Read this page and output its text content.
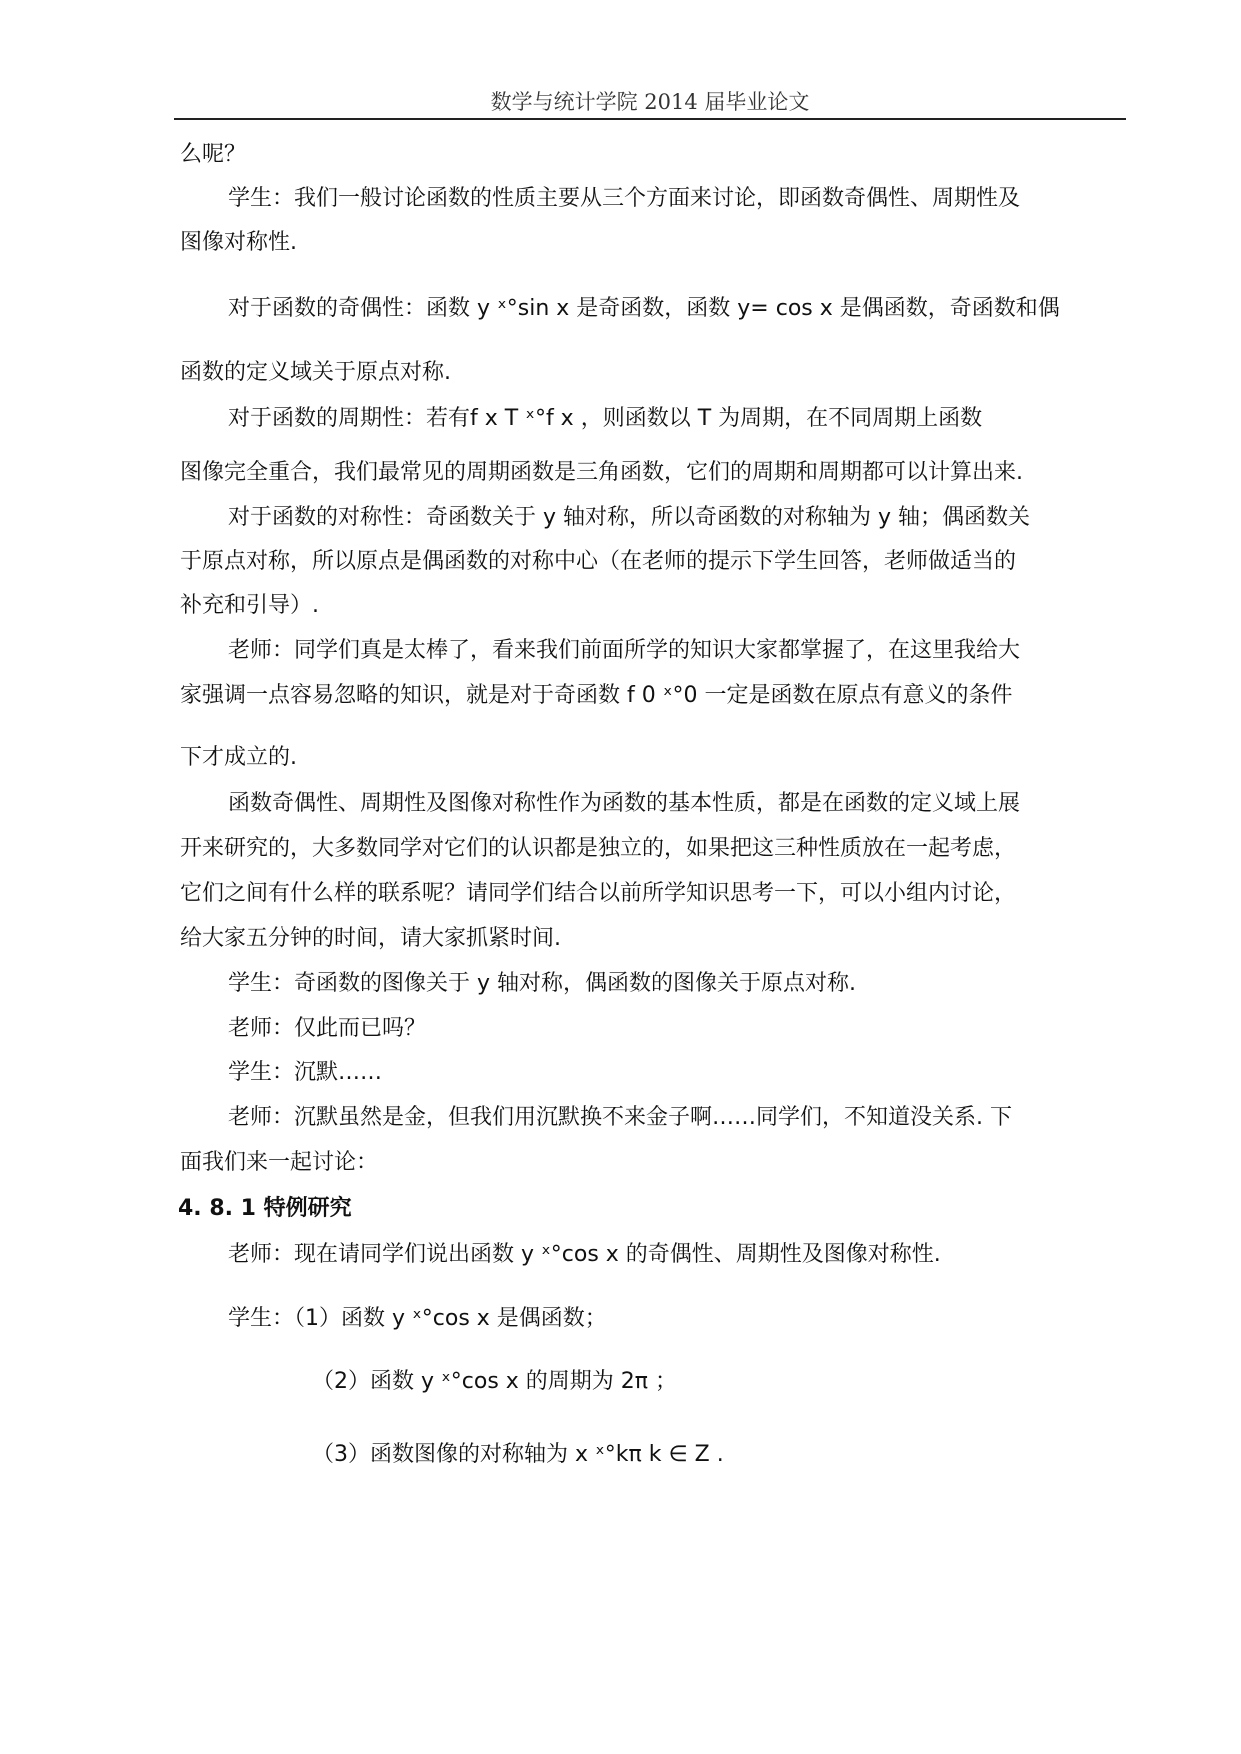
数学与统计学院 2014 届毕业论文
么呢？
学生：我们一般讨论函数的性质主要从三个方面来讨论，即函数奇偶性、周期性及
图像对称性.
对于函数的奇偶性：函数 y ˣ°sin x 是奇函数，函数 y= cos x 是偶函数，奇函数和偶
函数的定义域关于原点对称.
对于函数的周期性：若有f x T ˣ°f x ，则函数以 T 为周期，在不同周期上函数
图像完全重合，我们最常见的周期函数是三角函数，它们的周期和周期都可以计算出来.
对于函数的对称性：奇函数关于 y 轴对称，所以奇函数的对称轴为 y 轴；偶函数关
于原点对称，所以原点是偶函数的对称中心（在老师的提示下学生回答，老师做适当的
补充和引导）.
老师：同学们真是太棒了，看来我们前面所学的知识大家都掌握了，在这里我给大
家强调一点容易忽略的知识，就是对于奇函数 f 0 ˣ°0 一定是函数在原点有意义的条件
下才成立的.
函数奇偶性、周期性及图像对称性作为函数的基本性质，都是在函数的定义域上展
开来研究的，大多数同学对它们的认识都是独立的，如果把这三种性质放在一起考虑，
它们之间有什么样的联系呢？请同学们结合以前所学知识思考一下，可以小组内讨论，
给大家五分钟的时间，请大家抓紧时间.
学生：奇函数的图像关于 y 轴对称，偶函数的图像关于原点对称.
老师：仅此而已吗？
学生：沉默……
老师：沉默虽然是金，但我们用沉默换不来金子啊……同学们，不知道没关系. 下
面我们来一起讨论：
4. 8. 1 特例研究
老师：现在请同学们说出函数 y ˣ°cos x 的奇偶性、周期性及图像对称性.
学生：（1）函数 y ˣ°cos x 是偶函数；
（2）函数 y ˣ°cos x 的周期为 2π ；
（3）函数图像的对称轴为 x ˣ°kπ k ∈ Z .
